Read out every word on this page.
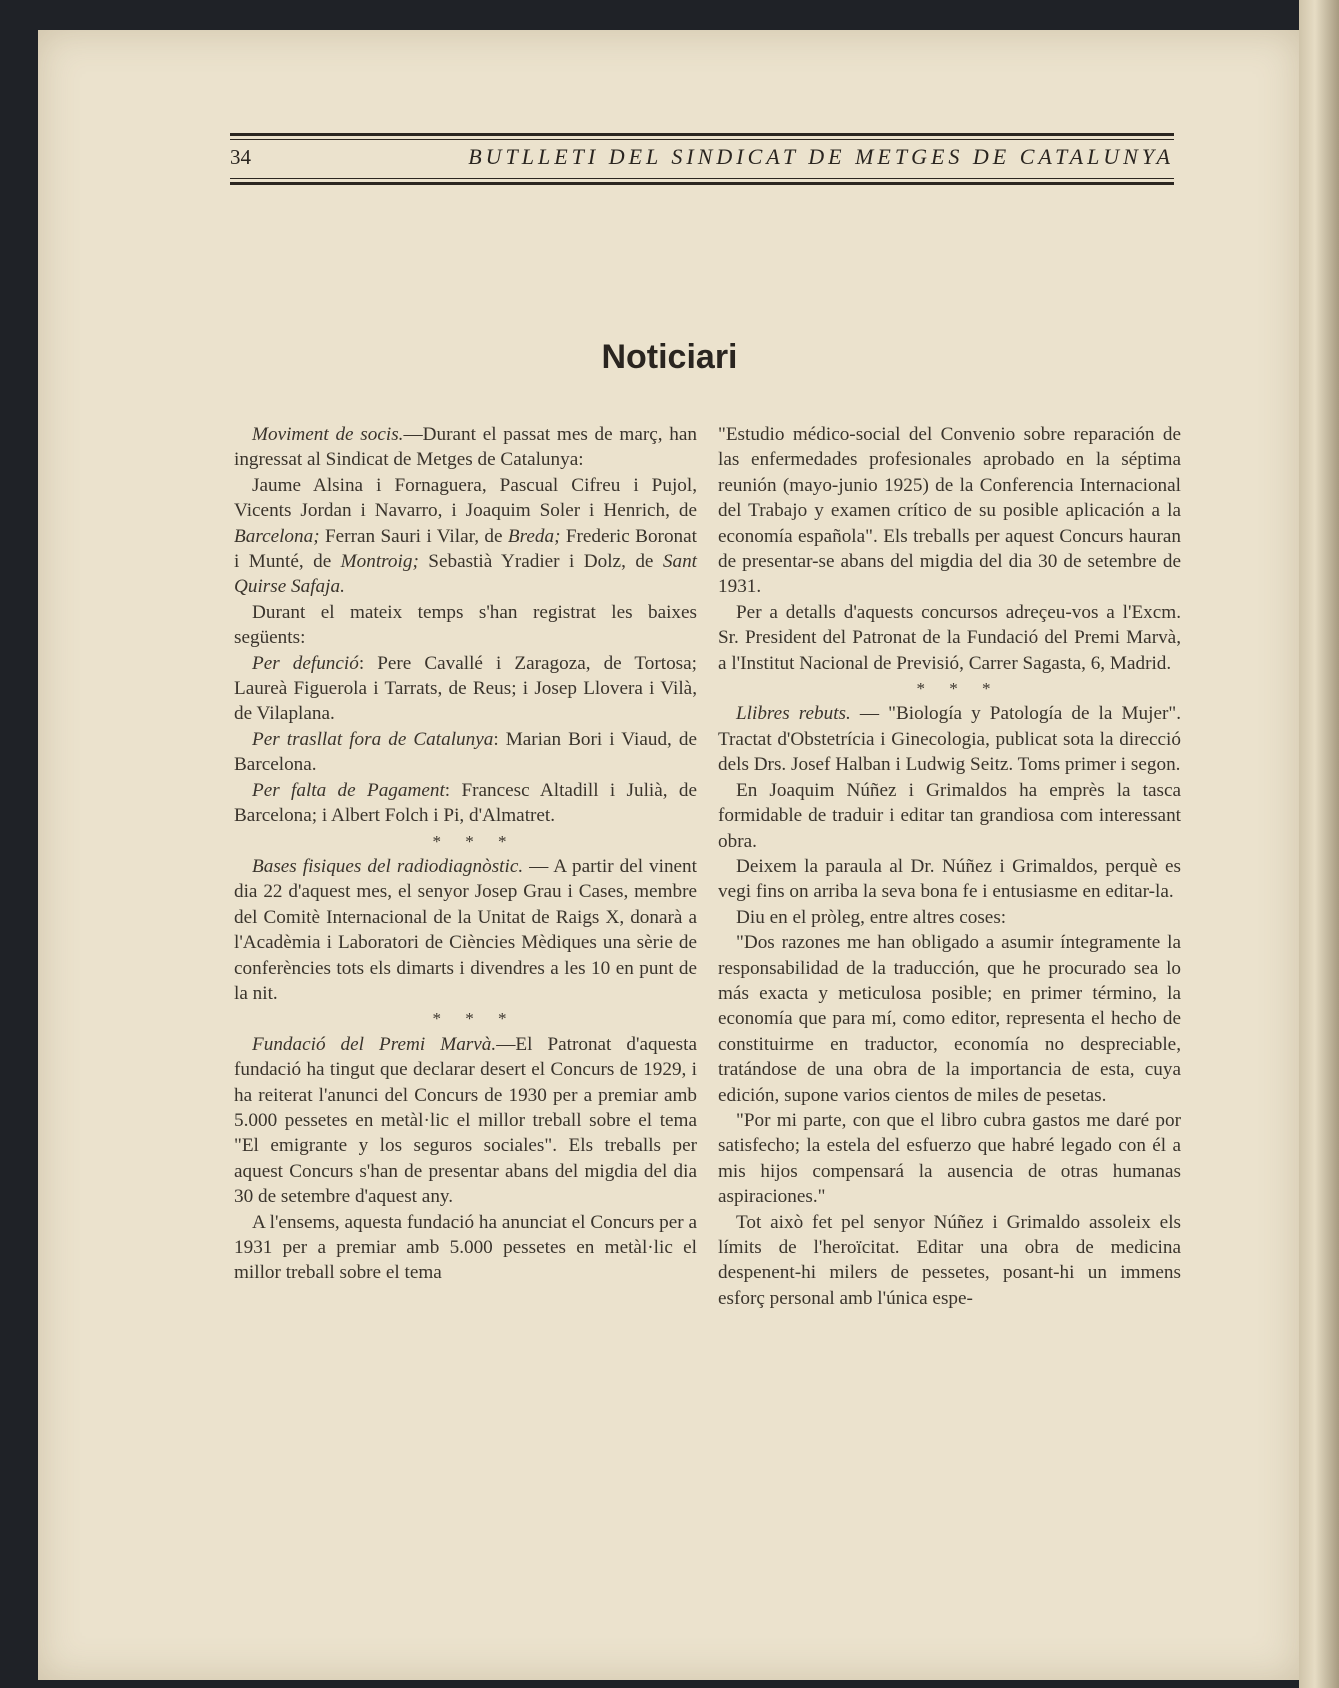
34	BUTLLETI DEL SINDICAT DE METGES DE CATALUNYA
Noticiari

Moviment de socis.—Durant el passat mes de març, han ingressat al Sindicat de Metges de Catalunya:

Jaume Alsina i Fornaguera, Pascual Cifreu i Pujol, Vicents Jordan i Navarro, i Joaquim Soler i Henrich, de Barcelona; Ferran Sauri i Vilar, de Breda; Frederic Boronat i Munté, de Montroig; Sebastià Yradier i Dolz, de Sant Quirse Safaja.

Durant el mateix temps s'han registrat les baixes següents:

Per defunció: Pere Cavallé i Zaragoza, de Tortosa; Laureà Figuerola i Tarrats, de Reus; i Josep Llovera i Vilà, de Vilaplana.

Per trasllat fora de Catalunya: Marian Bori i Viaud, de Barcelona.

Per falta de Pagament: Francesc Altadill i Julià, de Barcelona; i Albert Folch i Pi, d'Almatret.

* * *

Bases fisiques del radiodiagnòstic. — A partir del vinent dia 22 d'aquest mes, el senyor Josep Grau i Cases, membre del Comitè Internacional de la Unitat de Raigs X, donarà a l'Acadèmia i Laboratori de Ciències Mèdiques una sèrie de conferències tots els dimarts i divendres a les 10 en punt de la nit.

* * *

Fundació del Premi Marvà.—El Patronat d'aquesta fundació ha tingut que declarar desert el Concurs de 1929, i ha reiterat l'anunci del Concurs de 1930 per a premiar amb 5.000 pessetes en metàl·lic el millor treball sobre el tema "El emigrante y los seguros sociales". Els treballs per aquest Concurs s'han de presentar abans del migdia del dia 30 de setembre d'aquest any.

A l'ensems, aquesta fundació ha anunciat el Concurs per a 1931 per a premiar amb 5.000 pessetes en metàl·lic el millor treball sobre el tema

"Estudio médico-social del Convenio sobre reparación de las enfermedades profesionales aprobado en la séptima reunión (mayo-junio 1925) de la Conferencia Internacional del Trabajo y examen crítico de su posible aplicación a la economía española". Els treballs per aquest Concurs hauran de presentar-se abans del migdia del dia 30 de setembre de 1931.

Per a detalls d'aquests concursos adreçeu-vos a l'Excm. Sr. President del Patronat de la Fundació del Premi Marvà, a l'Institut Nacional de Previsió, Carrer Sagasta, 6, Madrid.

* * *

Llibres rebuts. — "Biología y Patología de la Mujer". Tractat d'Obstetrícia i Ginecologia, publicat sota la direcció dels Drs. Josef Halban i Ludwig Seitz. Toms primer i segon.

En Joaquim Núñez i Grimaldos ha emprès la tasca formidable de traduir i editar tan grandiosa com interessant obra.

Deixem la paraula al Dr. Núñez i Grimaldos, perquè es vegi fins on arriba la seva bona fe i entusiasme en editar-la.

Diu en el pròleg, entre altres coses:

"Dos razones me han obligado a asumir íntegramente la responsabilidad de la traducción, que he procurado sea lo más exacta y meticulosa posible; en primer término, la economía que para mí, como editor, representa el hecho de constituirme en traductor, economía no despreciable, tratándose de una obra de la importancia de esta, cuya edición, supone varios cientos de miles de pesetas.

"Por mi parte, con que el libro cubra gastos me daré por satisfecho; la estela del esfuerzo que habré legado con él a mis hijos compensará la ausencia de otras humanas aspiraciones."

Tot això fet pel senyor Núñez i Grimaldo assoleix els límits de l'heroïcitat. Editar una obra de medicina despenent-hi milers de pessetes, posant-hi un immens esforç personal amb l'única espe-
